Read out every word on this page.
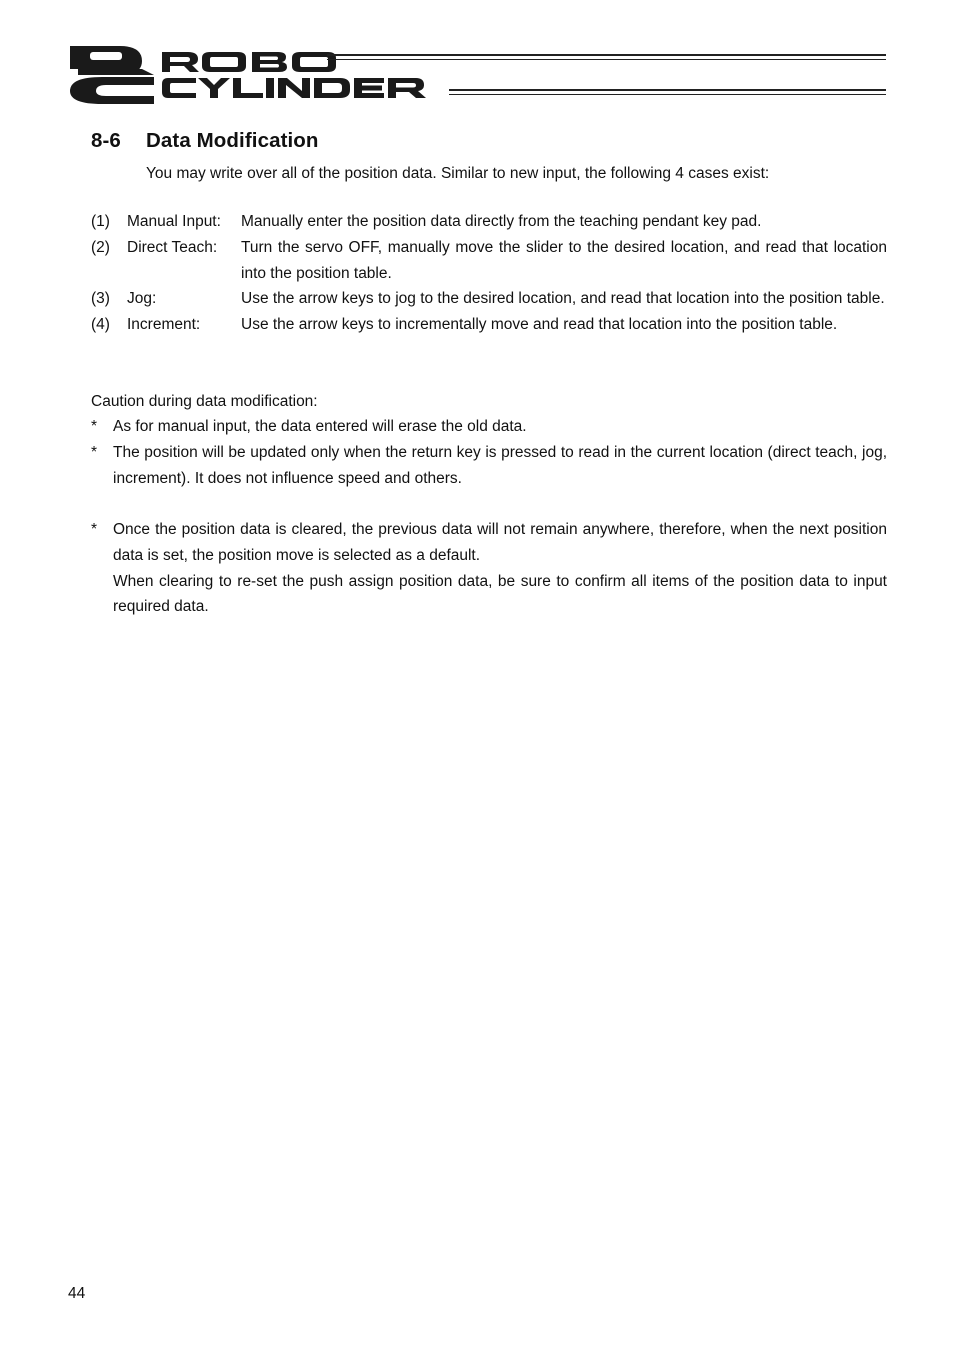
8-6 Data Modification

You may write over all of the position data. Similar to new input, the following 4 cases exist:

(1)	Manual Input:	Manually enter the position data directly from the teaching pendant key pad.
(2)	Direct Teach:	Turn the servo OFF, manually move the slider to the desired location, and read that location into the position table.
(3)	Jog:	Use the arrow keys to jog to the desired location, and read that location into the position table.
(4)	Increment:	Use the arrow keys to incrementally move and read that location into the position table.

Caution during data modification:

*	As for manual input, the data entered will erase the old data.
*	The position will be updated only when the return key is pressed to read in the current location (direct teach, jog, increment). It does not influence speed and others.
*	Once the position data is cleared, the previous data will not remain anywhere, therefore, when the next position data is set, the position move is selected as a default.

When clearing to re-set the push assign position data, be sure to confirm all items of the position data to input required data.

44
